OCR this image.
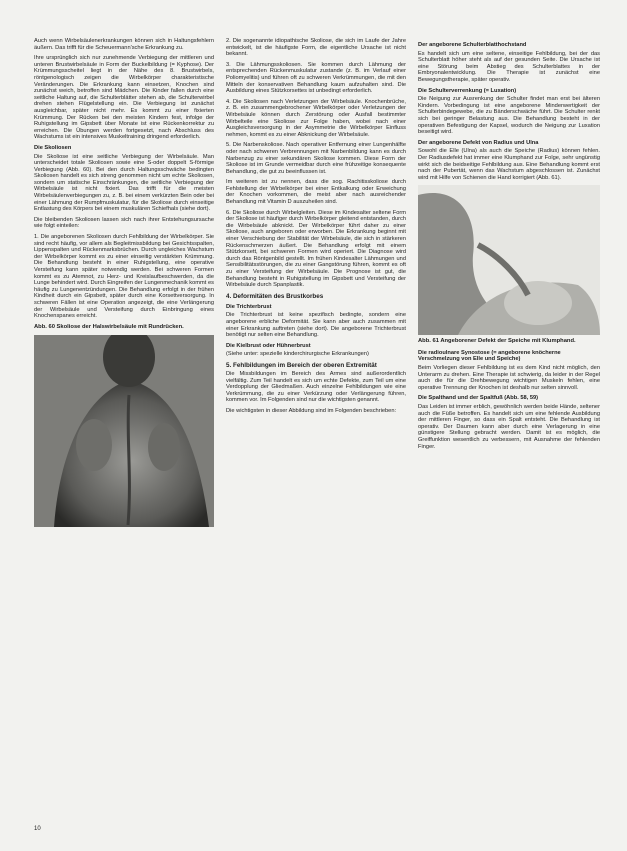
Auch wenn Wirbelsäulenerkrankungen können sich in Haltungsfehlern äußern. Das trifft für die Scheuermann'sche Erkrankung zu.

Ihre ursprünglich sich nur zunehmende Verbiegung der mittleren und unteren Brustwirbelsäule in Form der Buckelbildung (= Kyphose). Der Krümmungsscheitel liegt in der Nähe des 8. Brustwirbels, röntgenologisch zeigen die Wirbelkörper charakteristische Veränderungen. Die Erkrankung kann einsetzen, Knochen sind zunächst weich, betroffen sind Mädchen. Die Kinder fallen durch eine seitliche Haltung auf, die Schulterblätter stehen ab, die Schulterwirbel drehen stehen Flügelstellung ein. Die Verbiegung ist zunächst ausgleichbar, später nicht mehr. Es kommt zu einer fixierten Krümmung. Der Rücken bei den meisten Kindern fest, infolge der Ruhigstellung im Gipsbett über Monate ist eine Rückenkorrektur zu erreichen. Die Übungen werden fortgesetzt, nach Abschluss des Wachstums ist ein intensives Muskeltraining dringend erforderlich.

Die Skoliosen

Die Skoliose ist eine seitliche Verbiegung der Wirbelsäule. Man unterscheidet totale Skoliosen sowie eine S-oder doppelt S-förmige Verbiegung (Abb. 60). Bei den durch Haltungsschwäche bedingten Skoliosen handelt es sich streng genommen nicht um echte Skoliosen, sondern um statische Einschränkungen, die seitliche Verbiegung der Wirbelsäule ist nicht fixiert. Das trifft für die meisten Wirbelsäulenverbiegungen zu, z. B. bei einem verkürzten Bein oder bei einer Lähmung der Rumpfmuskulatur, für die Skoliose durch einseitige Entlastung des Körpers bei einem muskulären Schiefhals (siehe dort).

Die bleibenden Skoliosen lassen sich nach ihrer Entstehungsursache wie folgt einteilen:

1. Die angeborenen Skoliosen durch Fehlbildung der Wirbelkörper. Sie sind recht häufig, vor allem als Begleitmissbildung bei Gesichtsspalten, Lippenspalten und Rückenmarksbrüchen. Durch ungleiches Wachstum der Wirbelkörper kommt es zu einer einseitig verstärkten Krümmung. Die Behandlung besteht in einer Ruhigstellung, eine operative Versteifung kann später notwendig werden. Bei schweren Formen kommt es zu Atemnot, zu Herz- und Kreislaufbeschwerden, da die Lunge behindert wird. Durch Eingreifen der Lungenmechanik kommt es häufig zu Lungenentzündungen. Die Behandlung erfolgt in der frühen Kindheit durch ein Gipsbett, später durch eine Korsettversorgung. In schweren Fällen ist eine Operation angezeigt, die eine Verlängerung der Wirbelsäule und Versteifung durch Einbringung eines Knochenspanes erreicht.

Abb. 60 Skoliose der Halswirbelsäule mit Rundrücken.

2. Die sogenannte idiopathische Skoliose, die sich im Laufe der Jahre entwickelt, ist die häufigste Form, die eigentliche Ursache ist nicht bekannt.

3. Die Lähmungsskoliosen. Sie kommen durch Lähmung der entsprechenden Rückenmuskulatur zustande (z. B. im Verlauf einer Poliomyelitis) und führen oft zu schweren Verkrümmungen, die mit den Mitteln der konservativen Behandlung kaum aufzuhalten sind. Die Ausbildung eines Stützkorsettes ist unbedingt erforderlich.

4. Die Skoliosen nach Verletzungen der Wirbelsäule. Knochenbrüche, z. B. ein zusammengebrochener Wirbelkörper oder Verletzungen der Wirbelsäule können durch Zerstörung oder Ausfall bestimmter Wirbelteile eine Skoliose zur Folge haben, wobei nach einer Ausgleichsversorgung in der Asymmetrie die Wirbelkörper Einfluss nehmen, kommt es zu einer Abknickung der Wirbelsäule.

5. Die Narbenskoliose. Nach operativer Entfernung einer Lungenhälfte oder nach schweren Verbrennungen mit Narbenbildung kann es durch Narbenzug zu einer sekundären Skoliose kommen. Diese Form der Skoliose ist im Grunde vermeidbar durch eine frühzeitige konsequente Behandlung, die gut zu beeinflussen ist.

Im weiteren ist zu nennen, dass die sog. Rachitisskoliose durch Fehlstellung der Wirbelkörper bei einer Entkalkung oder Erweichung der Knochen vorkommen, die meist aber nach ausreichender Behandlung mit Vitamin D auszuheilen sind.

6. Die Skoliose durch Wirbelgleiten. Diese im Kindesalter seltene Form der Skoliose ist häufiger durch Wirbelkörper gleitend entstanden, durch die Wirbelsäule abknickt. Der Wirbelkörper führt daher zu einer Skoliose, auch angeboren oder erworben. Die Erkrankung beginnt mit einer Verschiebung der Stabilität der Wirbelsäule, die sich in stärkeren Rückenschmerzen äußert. Die Behandlung erfolgt mit einem Stützkorsett, bei schweren Formen wird operiert. Die Diagnose wird durch das Röntgenbild gestellt. Im frühen Kindesalter Lähmungen und Sensibilitätsstörungen, die zu einer Gangstörung führen, kommt es oft zu einer Versteifung der Wirbelsäule. Die Prognose ist gut, die Behandlung besteht in Ruhigstellung im Gipsbett und Versteifung der Wirbelsäule durch Spanplastik.

4. Deformitäten des Brustkorbes
Die Trichterbrust

Die Trichterbrust ist keine spezifisch bedingte, sondern eine angeborene erbliche Deformität. Sie kann aber auch zusammen mit einer Erkrankung auftreten (siehe dort). Die angeborene Trichterbrust benötigt nur selten eine Behandlung.

Die Kielbrust oder Hühnerbrust

(Siehe unter: spezielle kinderchirurgische Erkrankungen)

5. Fehlbildungen im Bereich der oberen Extremität

Die Missbildungen im Bereich des Armes sind außerordentlich vielfältig. Zum Teil handelt es sich um echte Defekte, zum Teil um eine Verdopplung der Gliedmaßen. Auch einzelne Fehlbildungen wie eine Verkrümmung, die zu einer Verkürzung oder Verlängerung führen, kommen vor. Im Folgenden sind nur die wichtigsten genannt.

Die wichtigsten in dieser Abbildung sind im Folgenden beschrieben:

Der angeborene Schulterblatthochstand

Es handelt sich um eine seltene, einseitige Fehlbildung, bei der das Schulterblatt höher steht als auf der gesunden Seite. Die Ursache ist eine Störung beim Abstieg des Schulterblattes in der Embryonalentwicklung. Die Therapie ist zunächst eine Bewegungstherapie, später operativ.

Die Schulterverrenkung (= Luxation)

Die Neigung zur Ausrenkung der Schulter findet man erst bei älteren Kindern. Vorbedingung ist eine angeborene Minderwertigkeit der Schulterbindegewebe, die zu Bänderschwäche führt. Die Schulter renkt sich bei geringer Belastung aus. Die Behandlung besteht in der operativen Befestigung der Kapsel, wodurch die Neigung zur Luxation beseitigt wird.

Der angeborene Defekt von Radius und Ulna

Sowohl die Elle (Ulna) als auch die Speiche (Radius) können fehlen. Der Radiusdefekt hat immer eine Klumphand zur Folge, sehr ungünstig wirkt sich die beidseitige Fehlbildung aus. Eine Behandlung kommt erst nach der Pubertät, wenn das Wachstum abgeschlossen ist. Zunächst wird mit Hilfe von Schienen die Hand korrigiert (Abb. 61).

Abb. 61 Angeborener Defekt der Speiche mit Klumphand.
Die radioulnare Synostose (= angeborene knöcherne Verschmelzung von Elle und Speiche)

Beim Vorliegen dieser Fehlbildung ist es dem Kind nicht möglich, den Unterarm zu drehen. Eine Therapie ist schwierig, da leider in der Regel auch die für die Drehbewegung wichtigen Muskeln fehlen, eine operative Trennung der Knochen ist deshalb nur selten sinnvoll.

Die Spalthand und der Spaltfuß (Abb. 58, 59)

Das Leiden ist immer erblich, gewöhnlich werden beide Hände, seltener auch die Füße betroffen. Es handelt sich um eine fehlende Ausbildung der mittleren Finger, so dass ein Spalt entsteht. Die Behandlung ist operativ. Der Daumen kann aber durch eine Verlagerung in eine günstigere Stellung gebracht werden. Damit ist es möglich, die Greiffunktion wesentlich zu verbessern, mit Ausnahme der fehlenden Finger.

10
